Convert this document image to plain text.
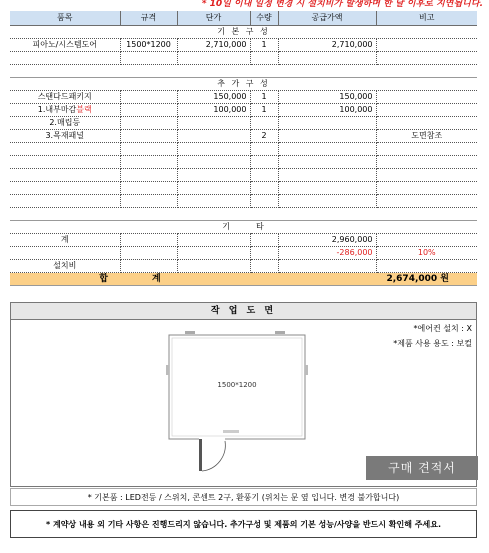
* 10일 이내 일정 변경 시 설치비가 발생하며 한 달 이후로 지연됩니다.
품목	규격	단가	수량	공급가액	비고
기 본 구 성					
피아노/시스템도어	1500*1200	2,710,000	1	2,710,000	

추 가 구 성					
스탠다드패키지		150,000	1	150,000	
1.내부마감블랙		100,000	1	100,000	
2.매립등					
3.목재패널			2		도면참조

기			타		
계				2,960,000	
				-286,000	10%
설치비					
합 계				2,674,000 원	
작 업 도 면
*에어컨 설치 : X
*제품 사용 용도 : 보컬
1500*1200
구매 견적서
* 기본품 : LED전등 / 스위치, 콘센트 2구, 환풍기 (위치는 문 옆 입니다. 변경 불가합니다)
* 계약상 내용 외 기타 사항은 진행드리지 않습니다. 추가구성 및 제품의 기본 성능/사양을 반드시 확인해 주세요.
